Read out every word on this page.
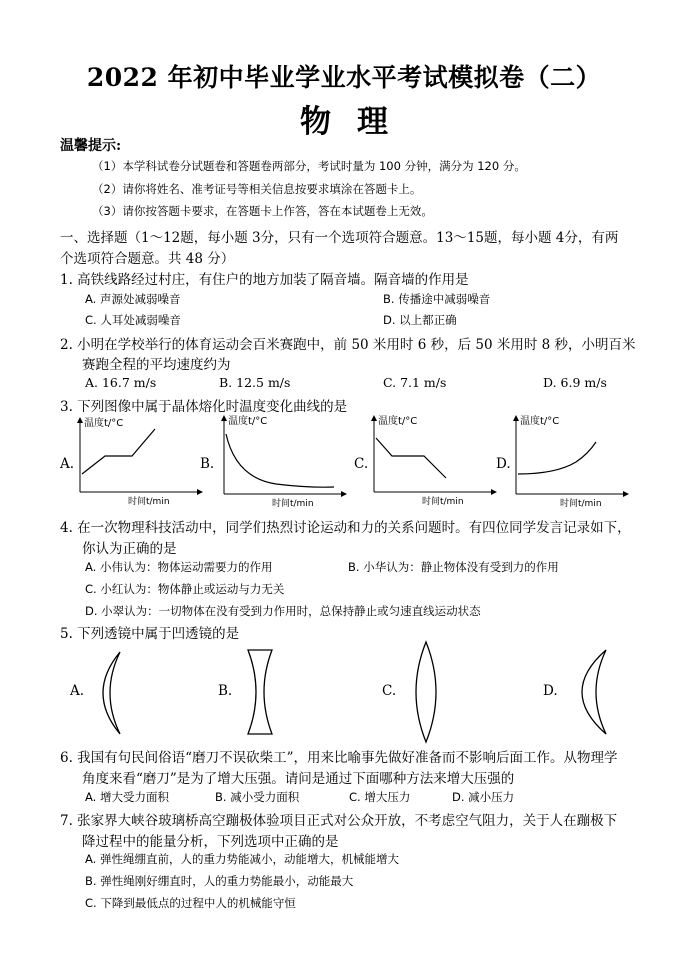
2022 年初中毕业学业水平考试模拟卷（二）
物理
温馨提示:
（1）本学科试卷分试题卷和答题卷两部分，考试时量为 100 分钟，满分为 120 分。
（2）请你将姓名、准考证号等相关信息按要求填涂在答题卡上。
（3）请你按答题卡要求，在答题卡上作答，答在本试题卷上无效。
一、选择题（1～12题，每小题 3分，只有一个选项符合题意。13～15题，每小题 4分，有两
个选项符合题意。共 48 分）
1. 高铁线路经过村庄，有住户的地方加装了隔音墙。隔音墙的作用是
A. 声源处减弱噪音	B. 传播途中减弱噪音
C. 人耳处减弱噪音	D. 以上都正确
2. 小明在学校举行的体育运动会百米赛跑中，前 50 米用时 6 秒，后 50 米用时 8 秒，小明百米
赛跑全程的平均速度约为
A. 16.7 m/s	B. 12.5 m/s	C. 7.1 m/s	D. 6.9 m/s
3. 下列图像中属于晶体熔化时温度变化曲线的是
A.	B.	C.	D.
温度t/°C
时间t/min
温度t/°C
时间t/min
温度t/°C
时间t/min
温度t/°C
时间t/min
4. 在一次物理科技活动中，同学们热烈讨论运动和力的关系问题时。有四位同学发言记录如下，
你认为正确的是
A. 小伟认为：物体运动需要力的作用	B. 小华认为：静止物体没有受到力的作用
C. 小红认为：物体静止或运动与力无关
D. 小翠认为：一切物体在没有受到力作用时，总保持静止或匀速直线运动状态
5. 下列透镜中属于凹透镜的是
A.	B.	C.	D.
6. 我国有句民间俗语“磨刀不误砍柴工”，用来比喻事先做好准备而不影响后面工作。从物理学
角度来看“磨刀”是为了增大压强。请问是通过下面哪种方法来增大压强的
A. 增大受力面积	B. 减小受力面积	C. 增大压力	D. 减小压力
7. 张家界大峡谷玻璃桥高空蹦极体验项目正式对公众开放，不考虑空气阻力，关于人在蹦极下
降过程中的能量分析，下列选项中正确的是
A. 弹性绳绷直前，人的重力势能减小，动能增大，机械能增大
B. 弹性绳刚好绷直时，人的重力势能最小，动能最大
C. 下降到最低点的过程中人的机械能守恒
